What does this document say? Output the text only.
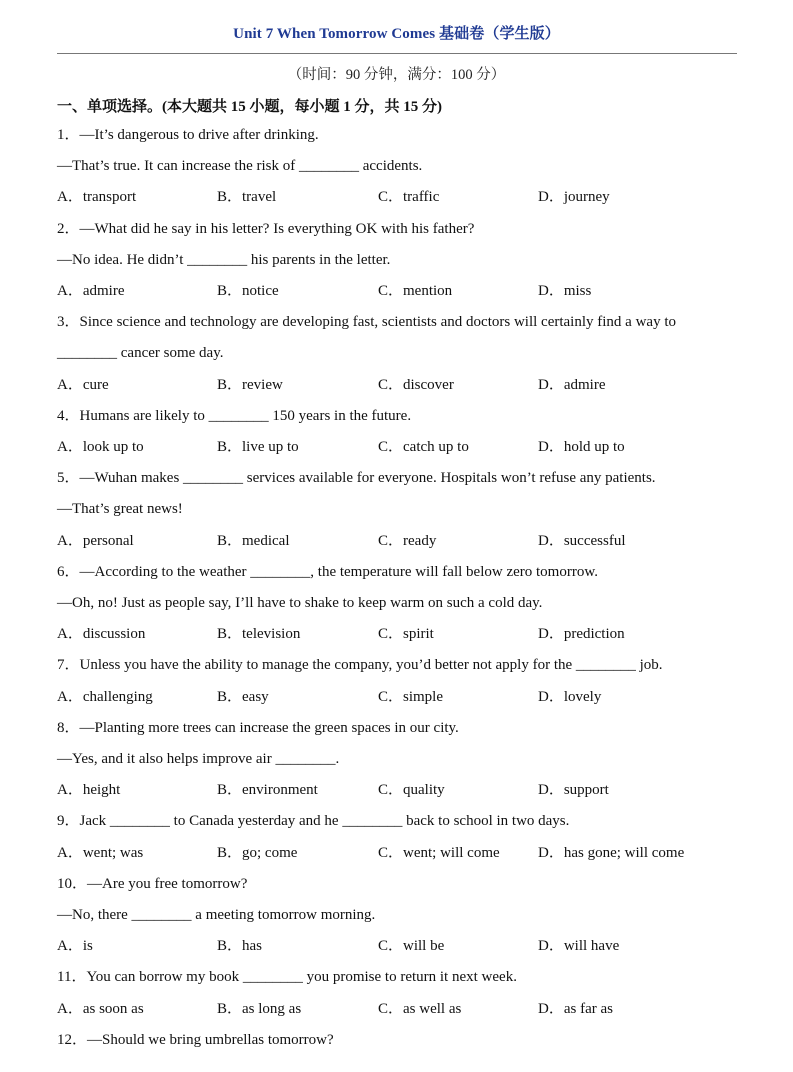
Unit 7 When Tomorrow Comes 基础卷（学生版）
（时间：90 分钟，满分：100 分）
一、单项选择。(本大题共 15 小题，每小题 1 分，共 15 分)
1．—It’s dangerous to drive after drinking.
—That’s true. It can increase the risk of ________ accidents.
A．transport	B．travel	C．traffic	D．journey
2．—What did he say in his letter? Is everything OK with his father?
—No idea. He didn’t ________ his parents in the letter.
A．admire	B．notice	C．mention	D．miss
3．Since science and technology are developing fast, scientists and doctors will certainly find a way to
________ cancer some day.
A．cure	B．review	C．discover	D．admire
4．Humans are likely to ________ 150 years in the future.
A．look up to	B．live up to	C．catch up to	D．hold up to
5．—Wuhan makes ________ services available for everyone. Hospitals won’t refuse any patients.
—That’s great news!
A．personal	B．medical	C．ready	D．successful
6．—According to the weather ________, the temperature will fall below zero tomorrow.
—Oh, no! Just as people say, I’ll have to shake to keep warm on such a cold day.
A．discussion	B．television	C．spirit	D．prediction
7．Unless you have the ability to manage the company, you’d better not apply for the ________ job.
A．challenging	B．easy	C．simple	D．lovely
8．—Planting more trees can increase the green spaces in our city.
—Yes, and it also helps improve air ________.
A．height	B．environment	C．quality	D．support
9．Jack ________ to Canada yesterday and he ________ back to school in two days.
A．went; was	B．go; come	C．went; will come	D．has gone; will come
10．—Are you free tomorrow?
—No, there ________ a meeting tomorrow morning.
A．is	B．has	C．will be	D．will have
11．You can borrow my book ________ you promise to return it next week.
A．as soon as	B．as long as	C．as well as	D．as far as
12．—Should we bring umbrellas tomorrow?
